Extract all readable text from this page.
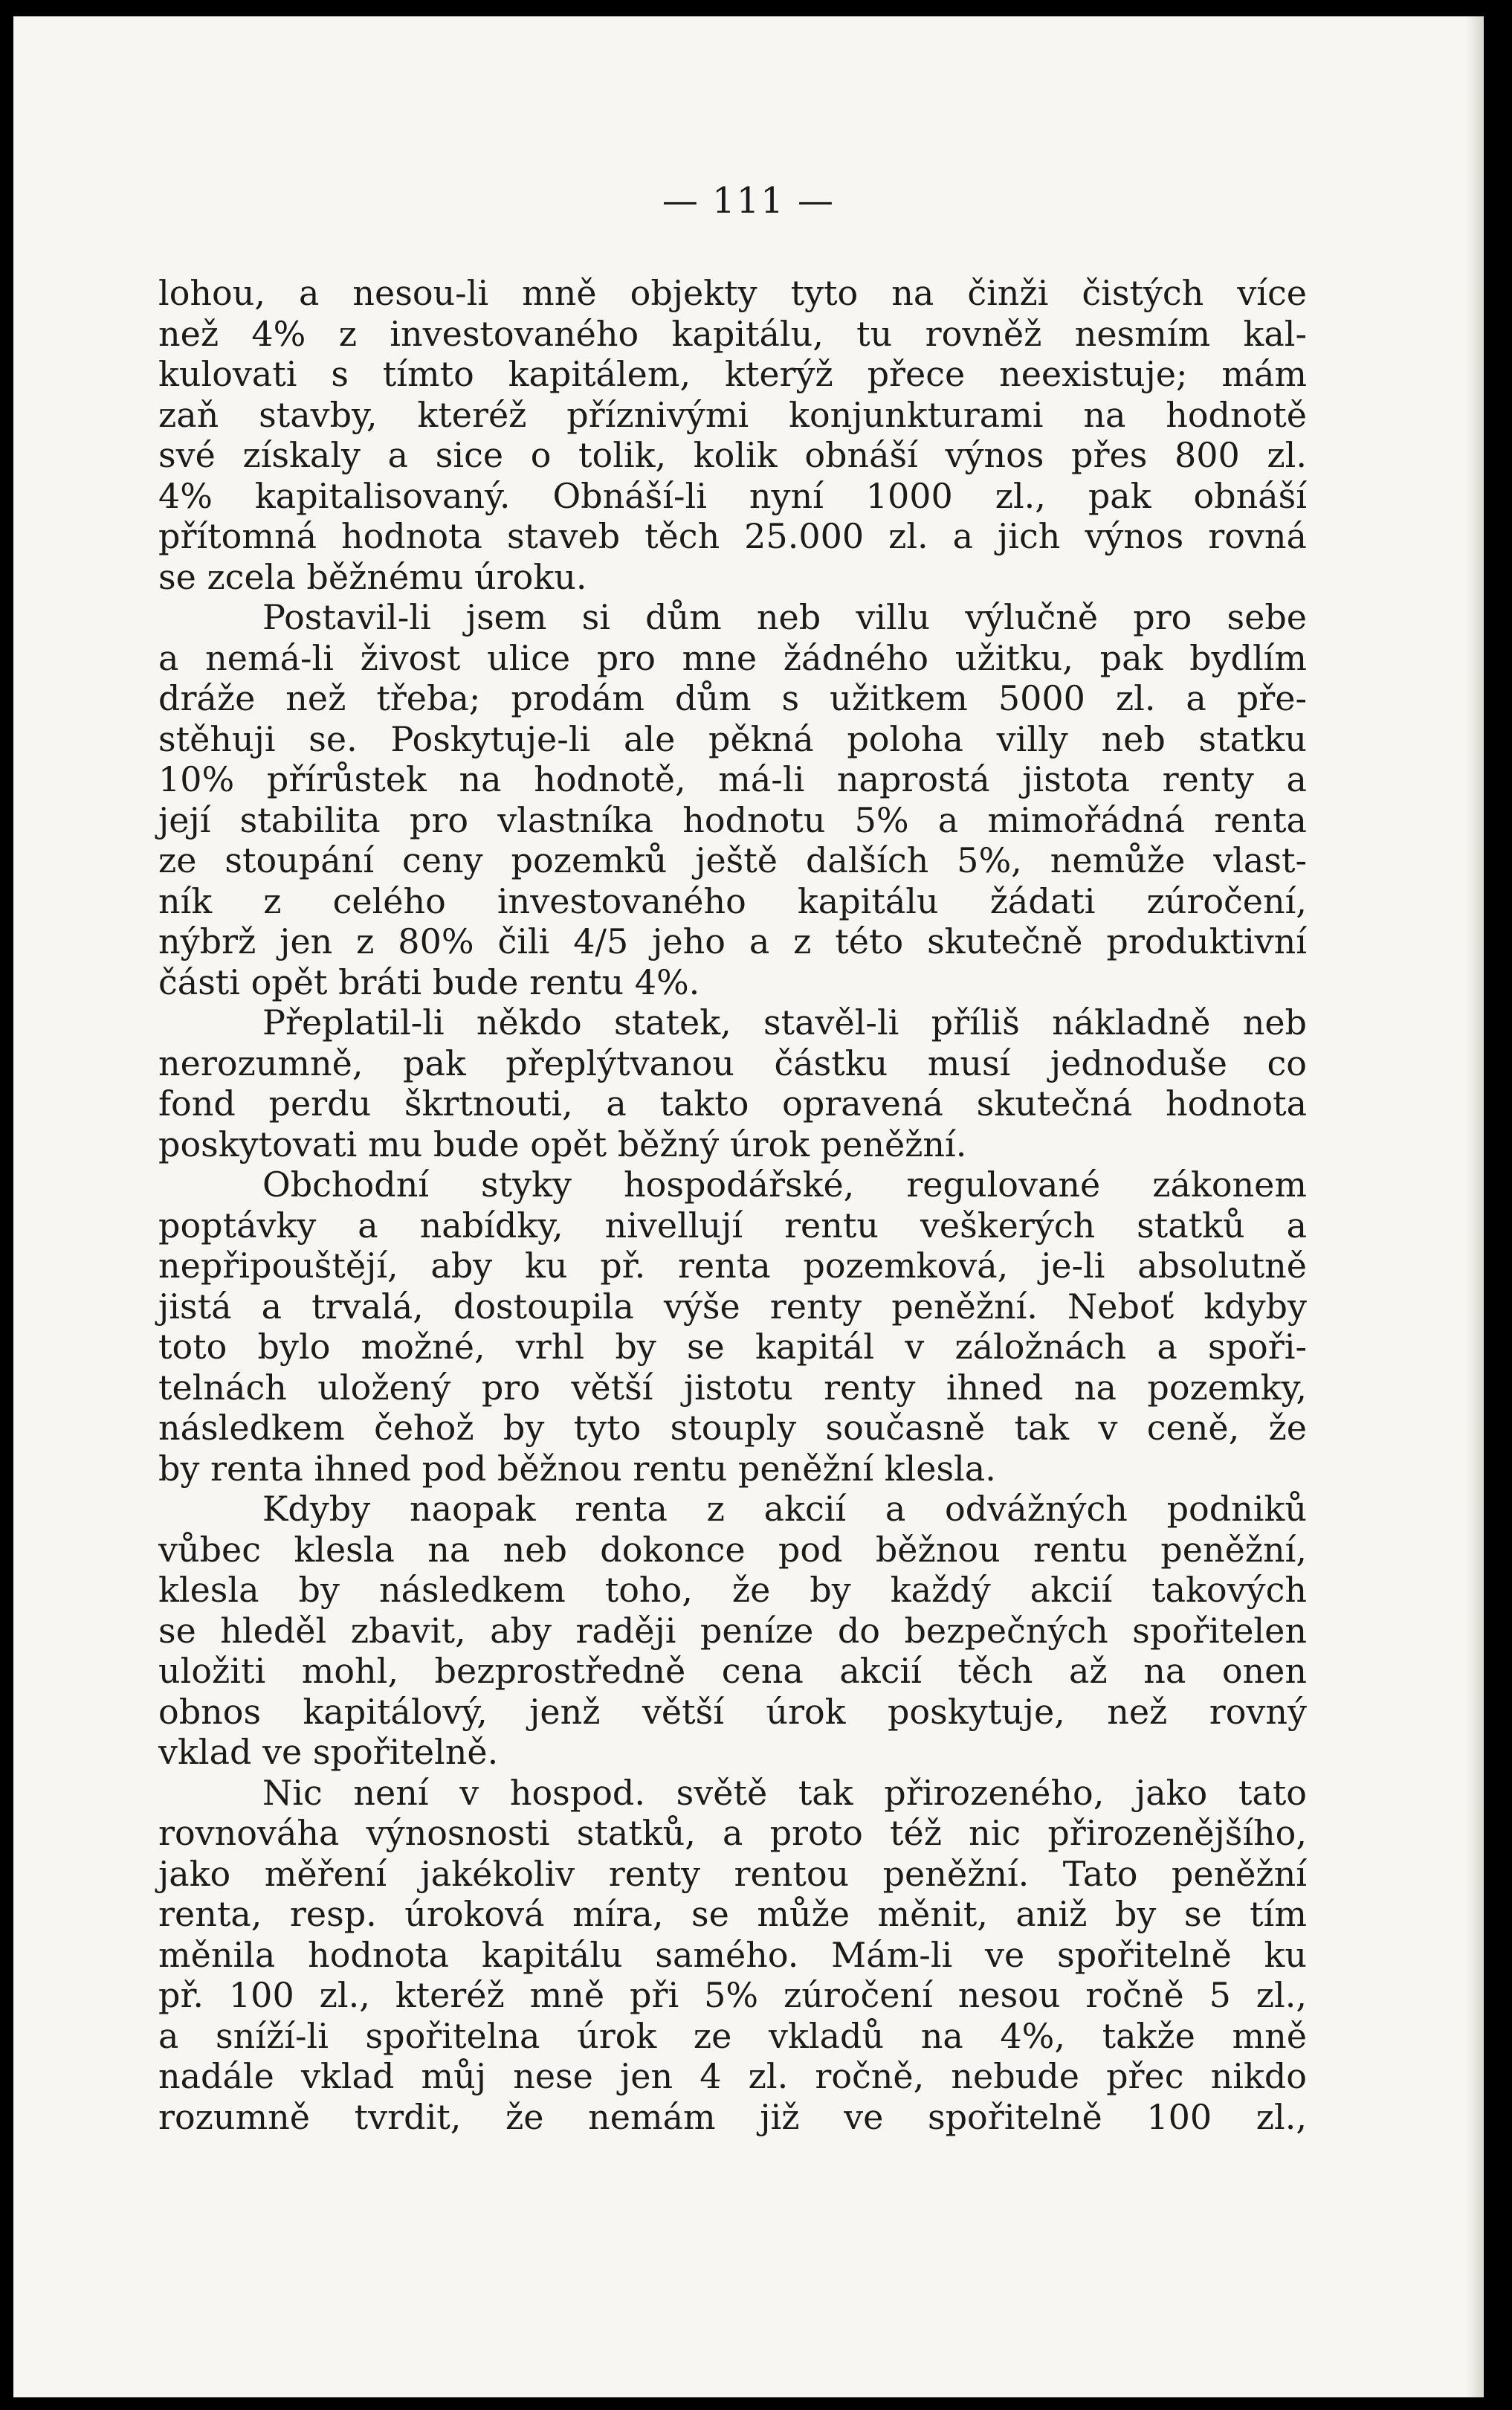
— 111 —
lohou, a nesou-li mně objekty tyto na činži čistých více
než 4% z investovaného kapitálu, tu rovněž nesmím kal-
kulovati s tímto kapitálem, kterýž přece neexistuje; mám
zaň stavby, kteréž příznivými konjunkturami na hodnotě
své získaly a sice o tolik, kolik obnáší výnos přes 800 zl.
4% kapitalisovaný. Obnáší-li nyní 1000 zl., pak obnáší
přítomná hodnota staveb těch 25.000 zl. a jich výnos rovná
se zcela běžnému úroku.
Postavil-li jsem si dům neb villu výlučně pro sebe
a nemá-li živost ulice pro mne žádného užitku, pak bydlím
dráže než třeba; prodám dům s užitkem 5000 zl. a pře-
stěhuji se. Poskytuje-li ale pěkná poloha villy neb statku
10% přírůstek na hodnotě, má-li naprostá jistota renty a
její stabilita pro vlastníka hodnotu 5% a mimořádná renta
ze stoupání ceny pozemků ještě dalších 5%, nemůže vlast-
ník z celého investovaného kapitálu žádati zúročení,
nýbrž jen z 80% čili 4/5 jeho a z této skutečně produktivní
části opět bráti bude rentu 4%.
Přeplatil-li někdo statek, stavěl-li příliš nákladně neb
nerozumně, pak přeplýtvanou částku musí jednoduše co
fond perdu škrtnouti, a takto opravená skutečná hodnota
poskytovati mu bude opět běžný úrok peněžní.
Obchodní styky hospodářské, regulované zákonem
poptávky a nabídky, nivellují rentu veškerých statků a
nepřipouštějí, aby ku př. renta pozemková, je-li absolutně
jistá a trvalá, dostoupila výše renty peněžní. Neboť kdyby
toto bylo možné, vrhl by se kapitál v záložnách a spoři-
telnách uložený pro větší jistotu renty ihned na pozemky,
následkem čehož by tyto stouply současně tak v ceně, že
by renta ihned pod běžnou rentu peněžní klesla.
Kdyby naopak renta z akcií a odvážných podniků
vůbec klesla na neb dokonce pod běžnou rentu peněžní,
klesla by následkem toho, že by každý akcií takových
se hleděl zbavit, aby raději peníze do bezpečných spořitelen
uložiti mohl, bezprostředně cena akcií těch až na onen
obnos kapitálový, jenž větší úrok poskytuje, než rovný
vklad ve spořitelně.
Nic není v hospod. světě tak přirozeného, jako tato
rovnováha výnosnosti statků, a proto též nic přirozenějšího,
jako měření jakékoliv renty rentou peněžní. Tato peněžní
renta, resp. úroková míra, se může měnit, aniž by se tím
měnila hodnota kapitálu samého. Mám-li ve spořitelně ku
př. 100 zl., kteréž mně při 5% zúročení nesou ročně 5 zl.,
a sníží-li spořitelna úrok ze vkladů na 4%, takže mně
nadále vklad můj nese jen 4 zl. ročně, nebude přec nikdo
rozumně tvrdit, že nemám již ve spořitelně 100 zl.,
